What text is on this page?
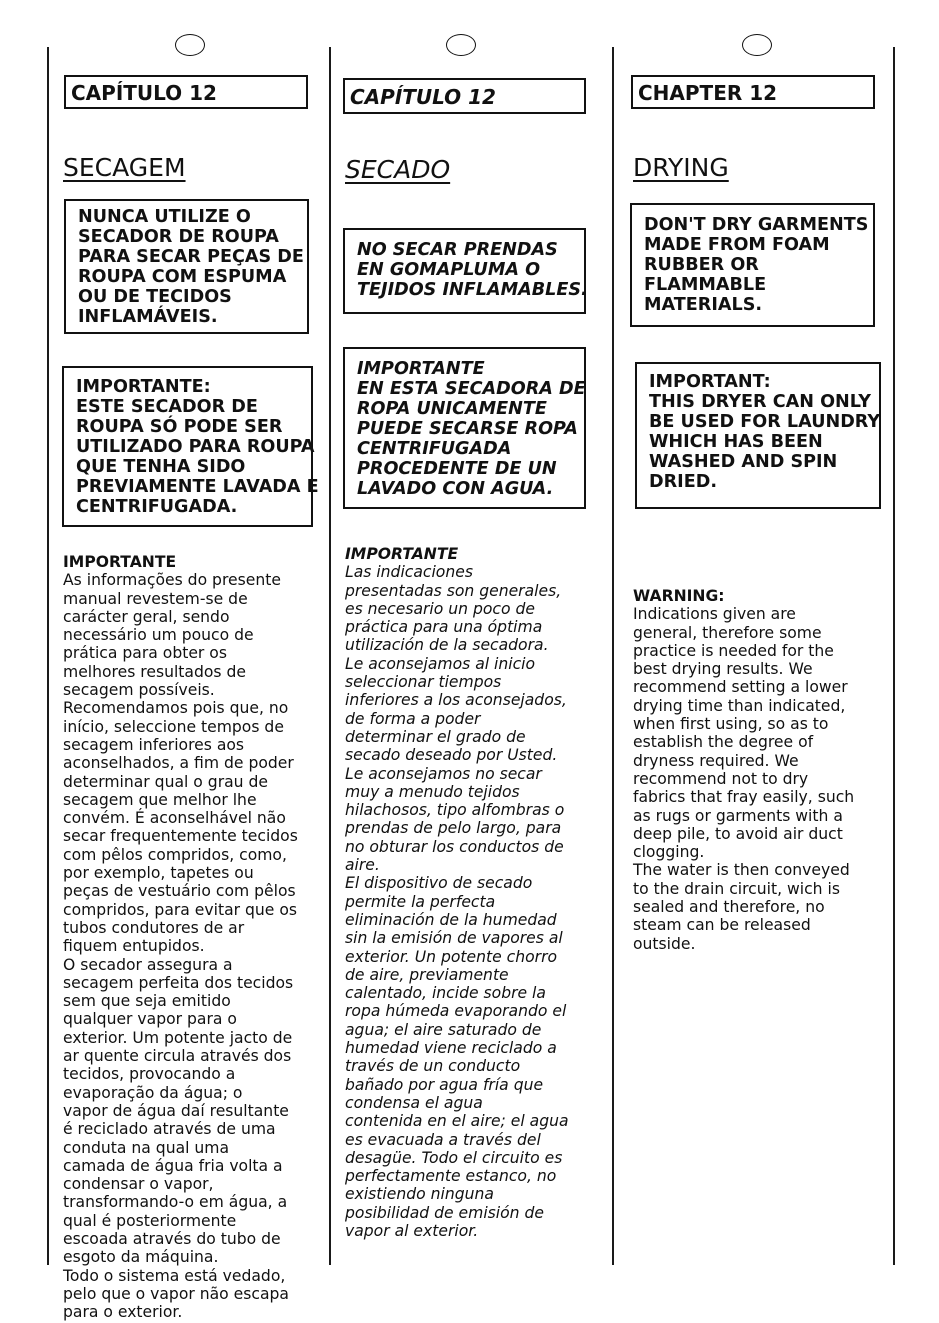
CAPÍTULO 12
SECAGEM
NUNCA UTILIZE O
SECADOR DE ROUPA
PARA SECAR PEÇAS DE
ROUPA COM ESPUMA
OU DE TECIDOS
INFLAMÁVEIS.
IMPORTANTE:
ESTE SECADOR DE
ROUPA SÓ PODE SER
UTILIZADO PARA ROUPA
QUE TENHA SIDO
PREVIAMENTE LAVADA E
CENTRIFUGADA.
IMPORTANTE
As informações do presente
manual revestem-se de
carácter geral, sendo
necessário um pouco de
prática para obter os
melhores resultados de
secagem possíveis.
Recomendamos pois que, no
início, seleccione tempos de
secagem inferiores aos
aconselhados, a fim de poder
determinar qual o grau de
secagem que melhor lhe
convém. É aconselhável não
secar frequentemente tecidos
com pêlos compridos, como,
por exemplo, tapetes ou
peças de vestuário com pêlos
compridos, para evitar que os
tubos condutores de ar
fiquem entupidos.
O secador assegura a
secagem perfeita dos tecidos
sem que seja emitido
qualquer vapor para o
exterior. Um potente jacto de
ar quente circula através dos
tecidos, provocando a
evaporação da água; o
vapor de água daí resultante
é reciclado através de uma
conduta na qual uma
camada de água fria volta a
condensar o vapor,
transformando-o em água, a
qual é posteriormente
escoada através do tubo de
esgoto da máquina.
Todo o sistema está vedado,
pelo que o vapor não escapa
para o exterior.
CAPÍTULO 12
SECADO
NO SECAR PRENDAS
EN GOMAPLUMA O
TEJIDOS INFLAMABLES.
IMPORTANTE
EN ESTA SECADORA DE
ROPA UNICAMENTE
PUEDE SECARSE ROPA
CENTRIFUGADA
PROCEDENTE DE UN
LAVADO CON AGUA.
IMPORTANTE
Las indicaciones
presentadas son generales,
es necesario un poco de
práctica para una óptima
utilización de la secadora.
Le aconsejamos al inicio
seleccionar tiempos
inferiores a los aconsejados,
de forma a poder
determinar el grado de
secado deseado por Usted.
Le aconsejamos no secar
muy a menudo tejidos
hilachosos, tipo alfombras o
prendas de pelo largo, para
no obturar los conductos de
aire.
El dispositivo de secado
permite la perfecta
eliminación de la humedad
sin la emisión de vapores al
exterior. Un potente chorro
de aire, previamente
calentado, incide sobre la
ropa húmeda evaporando el
agua; el aire saturado de
humedad viene reciclado a
través de un conducto
bañado por agua fría que
condensa el agua
contenida en el aire; el agua
es evacuada a través del
desagüe. Todo el circuito es
perfectamente estanco, no
existiendo ninguna
posibilidad de emisión de
vapor al exterior.
CHAPTER 12
DRYING
DON'T DRY GARMENTS
MADE FROM FOAM
RUBBER OR
FLAMMABLE
MATERIALS.
IMPORTANT:
THIS DRYER CAN ONLY
BE USED FOR LAUNDRY
WHICH HAS BEEN
WASHED AND SPIN
DRIED.
WARNING:
Indications given are
general, therefore some
practice is needed for the
best drying results. We
recommend setting a lower
drying time than indicated,
when first using, so as to
establish the degree of
dryness required. We
recommend not to dry
fabrics that fray easily, such
as rugs or garments with a
deep pile, to avoid air duct
clogging.
The water is then conveyed
to the drain circuit, wich is
sealed and therefore, no
steam can be released
outside.
